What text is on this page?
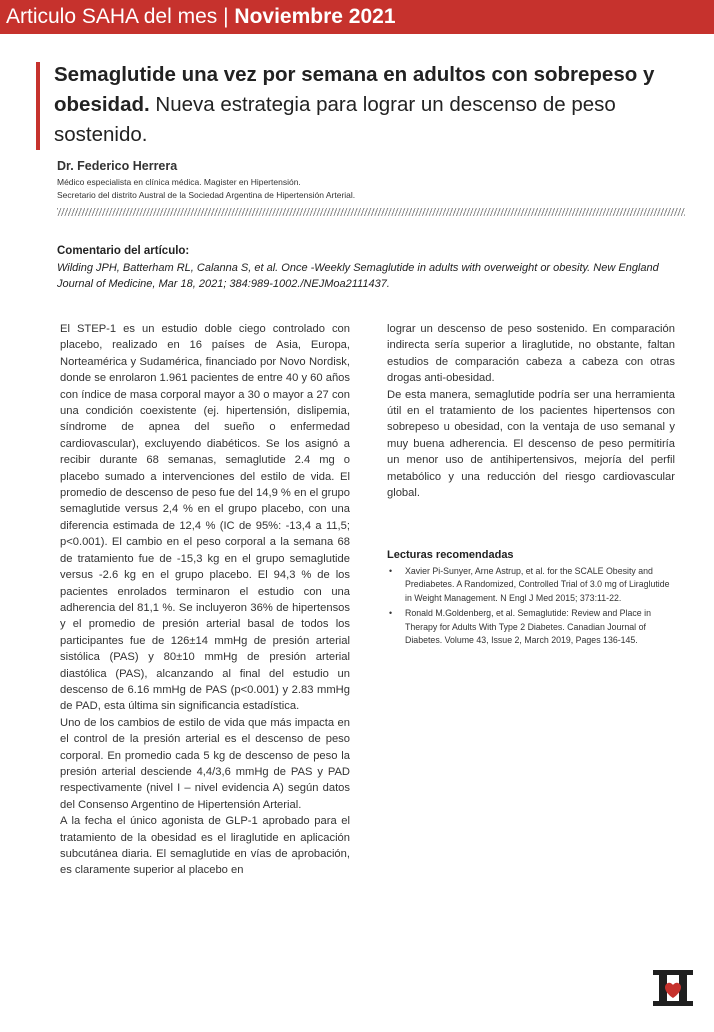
Articulo SAHA del mes | Noviembre 2021
Semaglutide una vez por semana en adultos con sobrepeso y obesidad. Nueva estrategia para lograr un descenso de peso sostenido.
Dr. Federico Herrera
Médico especialista en clínica médica. Magister en Hipertensión.
Secretario del distrito Austral de la Sociedad Argentina de Hipertensión Arterial.
Comentario del artículo:
Wilding JPH, Batterham RL, Calanna S, et al. Once -Weekly Semaglutide in adults with overweight or obesity. New England Journal of Medicine, Mar 18, 2021; 384:989-1002./NEJMoa2111437.

El STEP-1 es un estudio doble ciego controlado con placebo, realizado en 16 países de Asia, Europa, Norteamérica y Sudamérica, financiado por Novo Nordisk, donde se enrolaron 1.961 pacientes de entre 40 y 60 años con índice de masa corporal mayor a 30 o mayor a 27 con una condición coexistente (ej. hipertensión, dislipemia, síndrome de apnea del sueño o enfermedad cardiovascular), excluyendo diabéticos. Se los asignó a recibir durante 68 semanas, semaglutide 2.4 mg o placebo sumado a intervenciones del estilo de vida. El promedio de descenso de peso fue del 14,9 % en el grupo semaglutide versus 2,4 % en el grupo placebo, con una diferencia estimada de 12,4 % (IC de 95%: -13,4 a 11,5; p<0.001). El cambio en el peso corporal a la semana 68 de tratamiento fue de -15,3 kg en el grupo semaglutide versus -2.6 kg en el grupo placebo. El 94,3 % de los pacientes enrolados terminaron el estudio con una adherencia del 81,1 %. Se incluyeron 36% de hipertensos y el promedio de presión arterial basal de todos los participantes fue de 126±14 mmHg de presión arterial sistólica (PAS) y 80±10 mmHg de presión arterial diastólica (PAS), alcanzando al final del estudio un descenso de 6.16 mmHg de PAS (p<0.001) y 2.83 mmHg de PAD, esta última sin significancia estadística.

Uno de los cambios de estilo de vida que más impacta en el control de la presión arterial es el descenso de peso corporal. En promedio cada 5 kg de descenso de peso la presión arterial desciende 4,4/3,6 mmHg de PAS y PAD respectivamente (nivel I – nivel evidencia A) según datos del Consenso Argentino de Hipertensión Arterial.

A la fecha el único agonista de GLP-1 aprobado para el tratamiento de la obesidad es el liraglutide en aplicación subcutánea diaria. El semaglutide en vías de aprobación, es claramente superior al placebo en

lograr un descenso de peso sostenido. En comparación indirecta sería superior a liraglutide, no obstante, faltan estudios de comparación cabeza a cabeza con otras drogas anti-obesidad.

De esta manera, semaglutide podría ser una herramienta útil en el tratamiento de los pacientes hipertensos con sobrepeso u obesidad, con la ventaja de uso semanal y muy buena adherencia. El descenso de peso permitiría un menor uso de antihipertensivos, mejoría del perfil metabólico y una reducción del riesgo cardiovascular global.

Lecturas recomendadas
• Xavier Pi-Sunyer, Arne Astrup, et al. for the SCALE Obesity and Prediabetes. A Randomized, Controlled Trial of 3.0 mg of Liraglutide in Weight Management. N Engl J Med 2015; 373:11-22.
• Ronald M.Goldenberg, et al. Semaglutide: Review and Place in Therapy for Adults With Type 2 Diabetes. Canadian Journal of Diabetes. Volume 43, Issue 2, March 2019, Pages 136-145.
